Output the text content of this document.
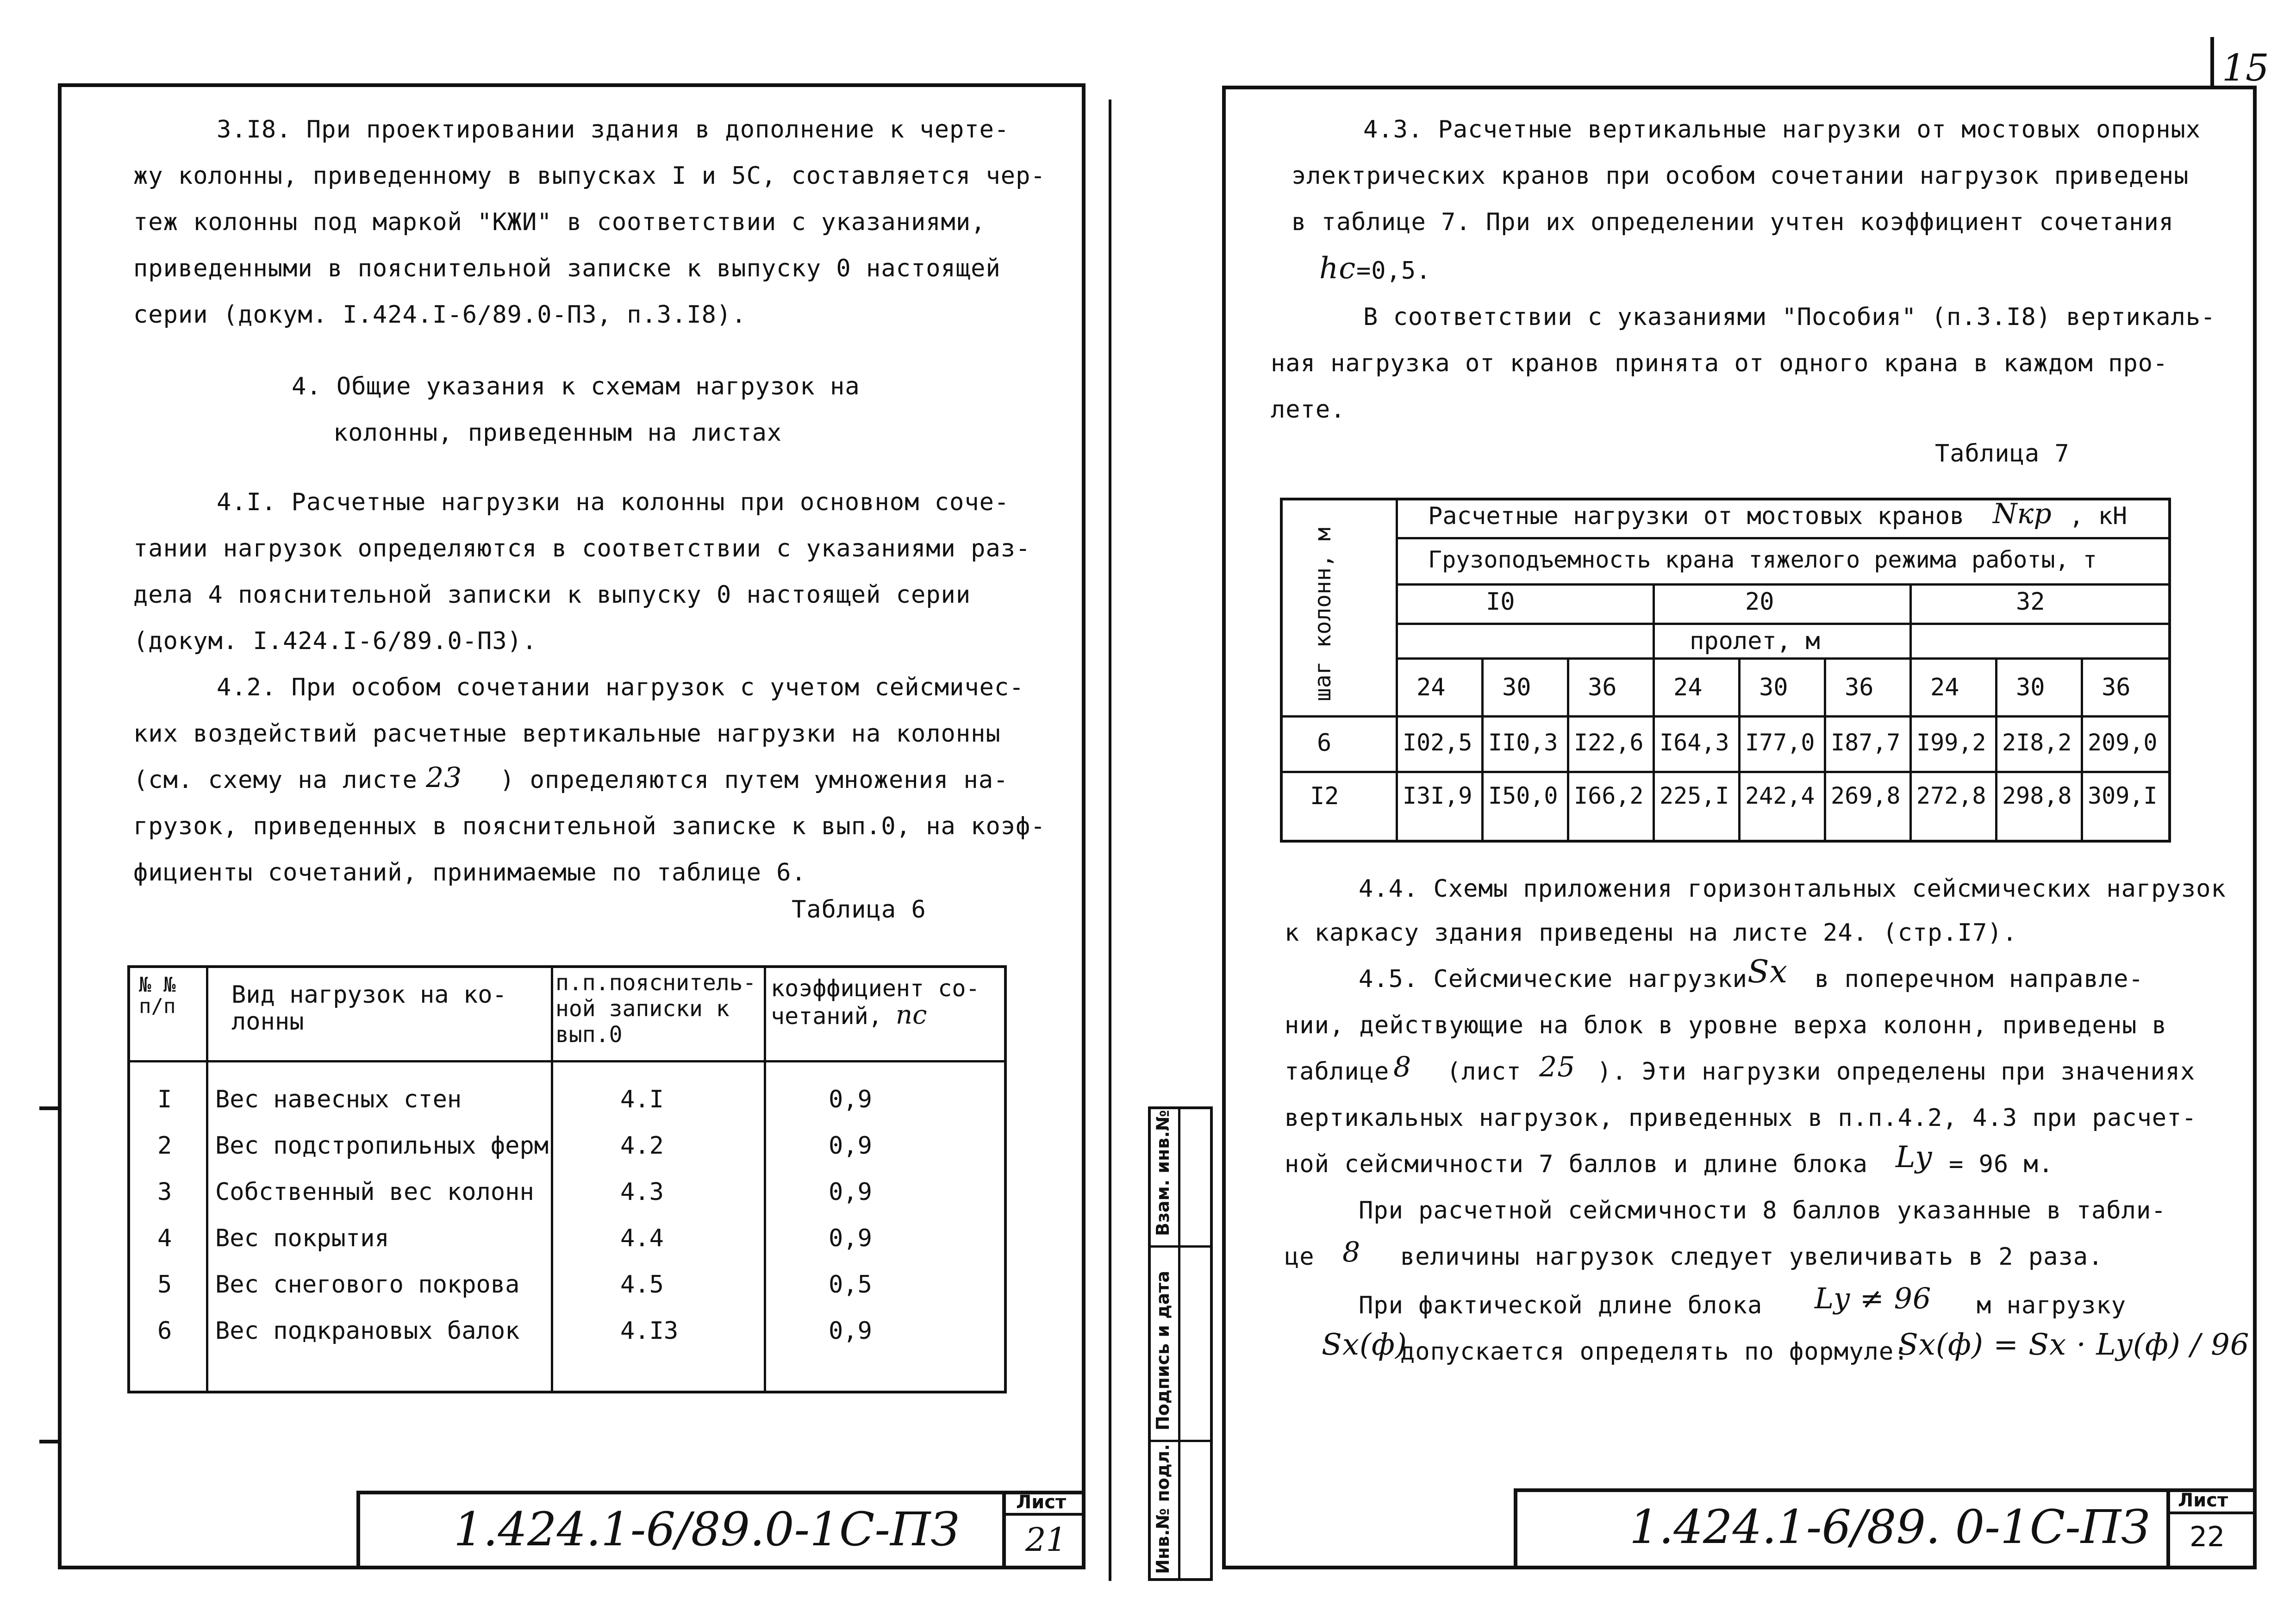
15
3.I8. При проектировании здания в дополнение к черте-
жу колонны, приведенному в выпусках I и 5С, составляется чер-
теж колонны под маркой "КЖИ" в соответствии с указаниями,
приведенными в пояснительной записке к выпуску 0 настоящей
серии (докум. I.424.I-6/89.0-ПЗ, п.3.I8).
4. Общие указания к схемам нагрузок на
колонны, приведенным на листах
4.I. Расчетные нагрузки на колонны при основном соче-
тании нагрузок определяются в соответствии с указаниями раз-
дела 4 пояснительной записки к выпуску 0 настоящей серии
(докум. I.424.I-6/89.0-ПЗ).
4.2. При особом сочетании нагрузок с учетом сейсмичес-
ких воздействий расчетные вертикальные нагрузки на колонны
(см. схему на листе 23 ) определяются путем умножения на-
грузок, приведенных в пояснительной записке к вып.0, на коэф-
фициенты сочетаний, принимаемые по таблице 6.
Таблица 6
№ №
п/п Вид нагрузок на ко-
лонны
п.п.пояснитель-
ной записки к
вып.0
коэффициент со-
четаний, nc
I Вес навесных стен	4.I	0,9
2 Вес подстропильных ферм	4.2	0,9
3 Собственный вес колонн	4.3	0,9
4 Вес покрытия	4.4	0,9
5 Вес снегового покрова	4.5	0,5
6 Вес подкрановых балок	4.I3	0,9
1.424.1-6/89.0-1С-ПЗ	Лист
21
4.3. Расчетные вертикальные нагрузки от мостовых опорных
электрических кранов при особом сочетании нагрузок приведены
в таблице 7. При их определении учтен коэффициент сочетания
hc =0,5.
В соответствии с указаниями "Пособия" (п.3.I8) вертикаль-
ная нагрузка от кранов принята от одного крана в каждом про-
лете.
Таблица 7
шаг колонн, м
Расчетные нагрузки от мостовых кранов Nкр , кН
Грузоподъемность крана тяжелого режима работы, т
I0	20	32
пролет, м
24 30 36 24 30 36 24 30 36
6	I02,5 II0,3 I22,6 I64,3 I77,0 I87,7 I99,2 2I8,2 209,0
I2	I3I,9 I50,0 I66,2 225,I 242,4 269,8 272,8 298,8 309,I
4.4. Схемы приложения горизонтальных сейсмических нагрузок
к каркасу здания приведены на листе 24. (стр.I7).
4.5. Сейсмические нагрузки Sx в поперечном направле-
нии, действующие на блок в уровне верха колонн, приведены в
таблице 8 (лист 25 ). Эти нагрузки определены при значениях
вертикальных нагрузок, приведенных в п.п.4.2, 4.3 при расчет-
ной сейсмичности 7 баллов и длине блока Ly = 96 м.
При расчетной сейсмичности 8 баллов указанные в табли-
це 8 величины нагрузок следует увеличивать в 2 раза.
При фактической длине блока Ly ≠ 96 м нагрузку
Sx(ф)
допускается определять по формуле:
Sx(ф) = Sx · Ly(ф) / 96
Инв.№ подл.
Подпись и дата
Взам. инв.№
1.424.1-6/89. 0-1С-ПЗ Лист
22
